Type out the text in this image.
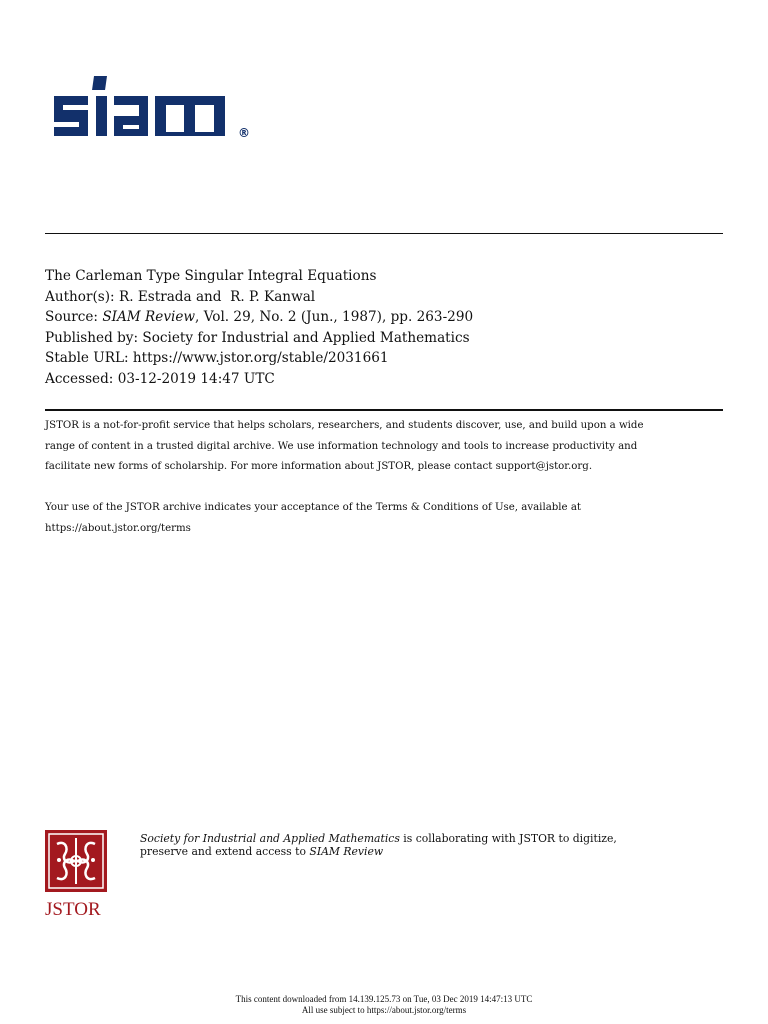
®
The Carleman Type Singular Integral Equations
Author(s): R. Estrada and  R. P. Kanwal
Source: SIAM Review, Vol. 29, No. 2 (Jun., 1987), pp. 263-290
Published by: Society for Industrial and Applied Mathematics
Stable URL: https://www.jstor.org/stable/2031661
Accessed: 03-12-2019 14:47 UTC

JSTOR is a not-for-profit service that helps scholars, researchers, and students discover, use, and build upon a wide

range of content in a trusted digital archive. We use information technology and tools to increase productivity and

facilitate new forms of scholarship. For more information about JSTOR, please contact support@jstor.org.

Your use of the JSTOR archive indicates your acceptance of the Terms & Conditions of Use, available at

https://about.jstor.org/terms

JSTOR
Society for Industrial and Applied Mathematics is collaborating with JSTOR to digitize,
preserve and extend access to SIAM Review
This content downloaded from 14.139.125.73 on Tue, 03 Dec 2019 14:47:13 UTC
All use subject to https://about.jstor.org/terms
